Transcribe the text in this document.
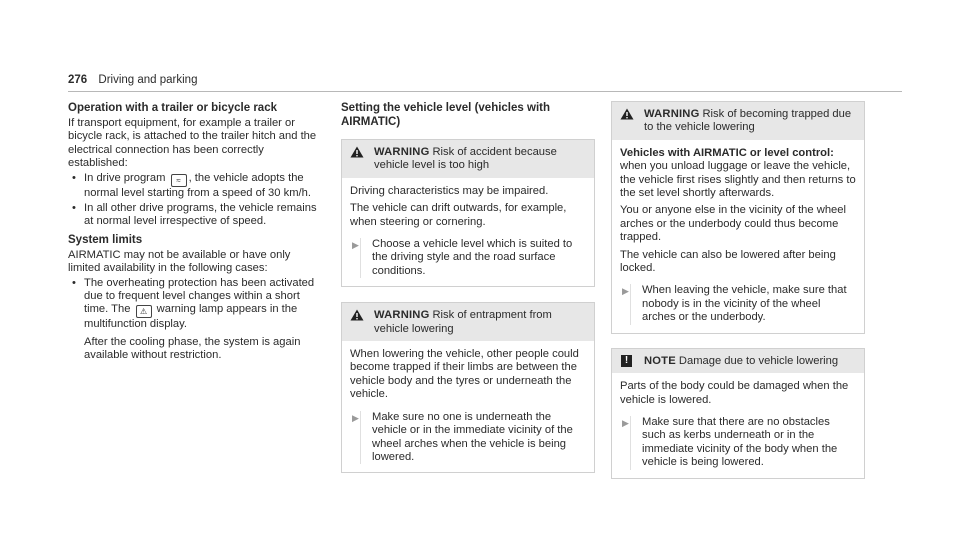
276 Driving and parking
Operation with a trailer or bicycle rack

If transport equipment, for example a trailer or bicycle rack, is attached to the trailer hitch and the electrical connection has been correctly established:

• In drive program ≈ , the vehicle adopts the normal level starting from a speed of 30 km/h.
• In all other drive programs, the vehicle remains at normal level irrespective of speed.
System limits

AIRMATIC may not be available or have only limited availability in the following cases:

• The overheating protection has been activated due to frequent level changes within a short time. The ⚠ warning lamp appears in the multifunction display.

After the cooling phase, the system is again available without restriction.

Setting the vehicle level (vehicles with AIRMATIC)
WARNING Risk of accident because vehicle level is too high

Driving characteristics may be impaired.

The vehicle can drift outwards, for example, when steering or cornering.

▶ Choose a vehicle level which is suited to the driving style and the road surface conditions.
WARNING Risk of entrapment from vehicle lowering

When lowering the vehicle, other people could become trapped if their limbs are between the vehicle body and the tyres or underneath the vehicle.

▶ Make sure no one is underneath the vehicle or in the immediate vicinity of the wheel arches when the vehicle is being lowered.
WARNING Risk of becoming trapped due to the vehicle lowering

Vehicles with AIRMATIC or level control: when you unload luggage or leave the vehicle, the vehicle first rises slightly and then returns to the set level shortly afterwards.

You or anyone else in the vicinity of the wheel arches or the underbody could thus become trapped.

The vehicle can also be lowered after being locked.

▶ When leaving the vehicle, make sure that nobody is in the vicinity of the wheel arches or the underbody.
!	NOTE Damage due to vehicle lowering

Parts of the body could be damaged when the vehicle is lowered.

▶ Make sure that there are no obstacles such as kerbs underneath or in the immediate vicinity of the body when the vehicle is being lowered.
